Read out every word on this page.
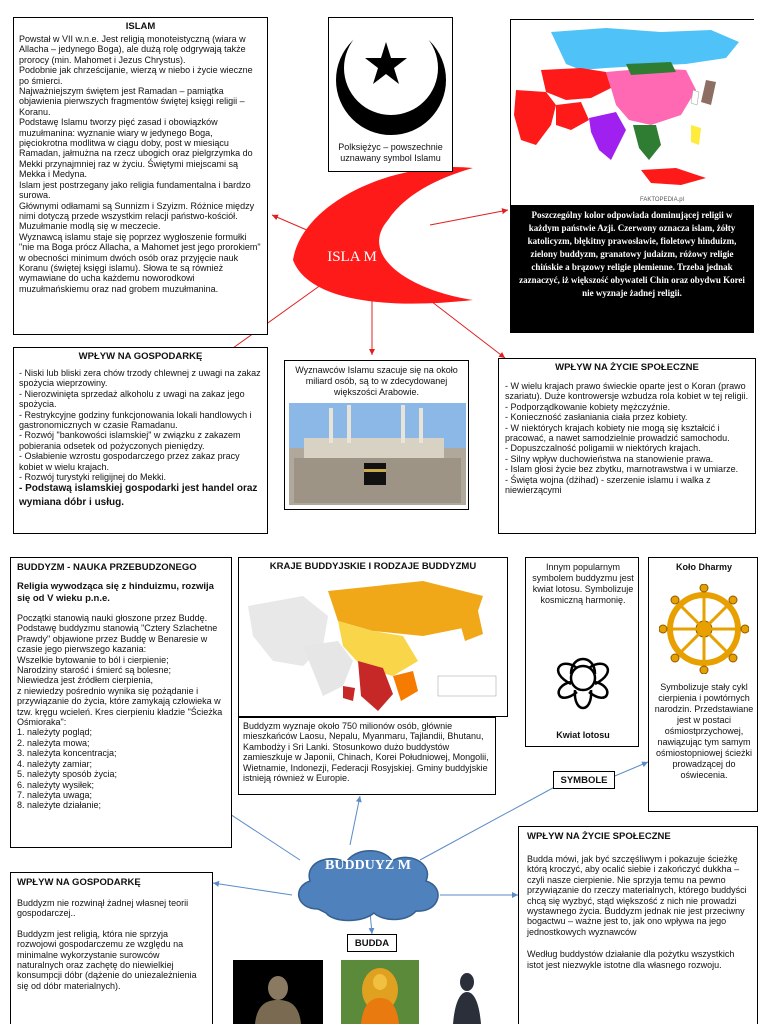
ISLA M

ISLAM

Powstał w VII w.n.e. Jest religią monoteistyczną (wiara w Allacha – jedynego Boga), ale dużą rolę odgrywają także prorocy (min. Mahomet i Jezus Chrystus).
Podobnie jak chrześcijanie, wierzą w niebo i życie wieczne po śmierci.
Najważniejszym świętem jest Ramadan – pamiątka objawienia pierwszych fragmentów świętej księgi religii – Koranu.
Podstawę Islamu tworzy pięć zasad i obowiązków muzułmanina: wyznanie wiary w jedynego Boga, pięciokrotna modlitwa w ciągu doby, post w miesiącu Ramadan, jałmużna na rzecz ubogich oraz pielgrzymka do Mekki przynajmniej raz w życiu. Świętymi miejscami są Mekka i Medyna.
Islam jest postrzegany jako religia fundamentalna i bardzo surowa.
Głównymi odłamami są Sunnizm i Szyizm. Różnice między nimi dotyczą przede wszystkim relacji państwo-kościół.
Muzułmanie modlą się w meczecie.
Wyznawcą islamu staje się poprzez wygłoszenie formułki "nie ma Boga prócz Allacha, a Mahomet jest jego prorokiem" w obecności minimum dwóch osób oraz przyjęcie nauk Koranu (świętej księgi islamu). Słowa te są również wymawiane do ucha każdemu noworodkowi muzułmańskiemu oraz nad grobem muzułmanina.

Polksiężyc – powszechnie uznawany symbol Islamu
FAKTOPEDIA.pl
Poszczególny kolor odpowiada dominującej religii w każdym państwie Azji. Czerwony oznacza islam, żółty katolicyzm, błękitny prawosławie, fioletowy hinduizm, zielony buddyzm, granatowy judaizm, różowy religie chińskie a brązowy religie plemienne. Trzeba jednak zaznaczyć, iż większość obywateli Chin oraz obydwu Korei nie wyznaje żadnej religii.

WPŁYW NA GOSPODARKĘ

- Niski lub bliski zera chów trzody chlewnej z uwagi na zakaz spożycia wieprzowiny.
- Nierozwinięta sprzedaż alkoholu z uwagi na zakaz jego spożycia.
- Restrykcyjne godziny funkcjonowania lokali handlowych i gastronomicznych w czasie Ramadanu.
- Rozwój "bankowości islamskiej" w związku z zakazem pobierania odsetek od pożyczonych pieniędzy.
- Osłabienie wzrostu gospodarczego przez zakaz pracy kobiet w wielu krajach.
- Rozwój turystyki religijnej do Mekki.

- Podstawą islamskiej gospodarki jest handel oraz wymiana dóbr i usług.

Wyznawców Islamu szacuje się na około miliard osób, są to w zdecydowanej większości Arabowie.

WPŁYW NA ŻYCIE SPOŁECZNE

- W wielu krajach prawo świeckie oparte jest o Koran (prawo szariatu). Duże kontrowersje wzbudza rola kobiet w tej religii.
- Podporządkowanie kobiety mężczyźnie.
- Konieczność zasłaniania ciała przez kobiety.
- W niektórych krajach kobiety nie mogą się kształcić i pracować, a nawet samodzielnie prowadzić samochodu.
- Dopuszczalność poligamii w niektórych krajach.
- Silny wpływ duchowieństwa na stanowienie prawa.
- Islam głosi życie bez zbytku, marnotrawstwa i w umiarze.
- Święta wojna (dżihad) - szerzenie islamu i walka z niewierzącymi

BUDDYZM - NAUKA PRZEBUDZONEGO

Religia wywodząca się z hinduizmu, rozwija się od V wieku p.n.e.

Początki stanowią nauki głoszone przez Buddę. Podstawę buddyzmu stanowią "Cztery Szlachetne Prawdy" objawione przez Buddę w Benaresie w czasie jego pierwszego kazania:
Wszelkie bytowanie to ból i cierpienie;
Narodziny starość i śmierć są bolesne;
Niewiedza jest źródłem cierpienia,
z niewiedzy pośrednio wynika się pożądanie i przywiązanie do życia, które zamykają człowieka w tzw. kręgu wcieleń. Kres cierpieniu kładzie "Ścieżka Ośmioraka":
1. należyty pogląd;
2. należyta mowa;
3. należyta koncentracja;
4. należyty zamiar;
5. należyty sposób życia;
6. należyty wysiłek;
7. należyta uwaga;
8. należyte działanie;

KRAJE BUDDYJSKIE I RODZAJE BUDDYZMU

Buddyzm wyznaje około 750 milionów osób, głównie mieszkańców Laosu, Nepalu, Myanmaru, Tajlandii, Bhutanu, Kambodży i Sri Lanki. Stosunkowo dużo buddystów zamieszkuje w Japonii, Chinach, Korei Południowej, Mongolii, Wietnamie, Indonezji, Federacji Rosyjskiej. Gminy buddyjskie istnieją również w Europie.

Innym popularnym symbolem buddyzmu jest kwiat lotosu. Symbolizuje kosmiczną harmonię.
Kwiat lotosu
Koło Dharmy
Symbolizuje stały cykl cierpienia i powtórnych narodzin. Przedstawiane jest w postaci ośmiostprzychowej, nawiązując tym samym ośmiostopniowej ścieżki prowadzącej do oświecenia.
SYMBOLE
BUDDUYZ M
BUDDA

WPŁYW NA GOSPODARKĘ

Buddyzm nie rozwinął żadnej własnej teorii gospodarczej..

Buddyzm jest religią, która nie sprzyja rozwojowi gospodarczemu ze względu na minimalne wykorzystanie surowców naturalnych oraz zachętę do niewielkiej konsumpcji dóbr (dążenie do uniezależnienia się od dóbr materialnych).

WPŁYW NA ŻYCIE SPOŁECZNE

Budda mówi, jak być szczęśliwym i pokazuje ścieżkę którą kroczyć, aby ocalić siebie i zakończyć dukkha – czyli nasze cierpienie. Nie sprzyja temu na pewno przywiązanie do rzeczy materialnych, którego buddyści chcą się wyzbyć, stąd większość z nich nie prowadzi wystawnego życia. Buddyzm jednak nie jest przeciwny bogactwu – ważne jest to, jak ono wpływa na jego jednostkowych wyznawców

Według buddystów działanie dla pożytku wszystkich istot jest niezwykle istotne dla własnego rozwoju.
